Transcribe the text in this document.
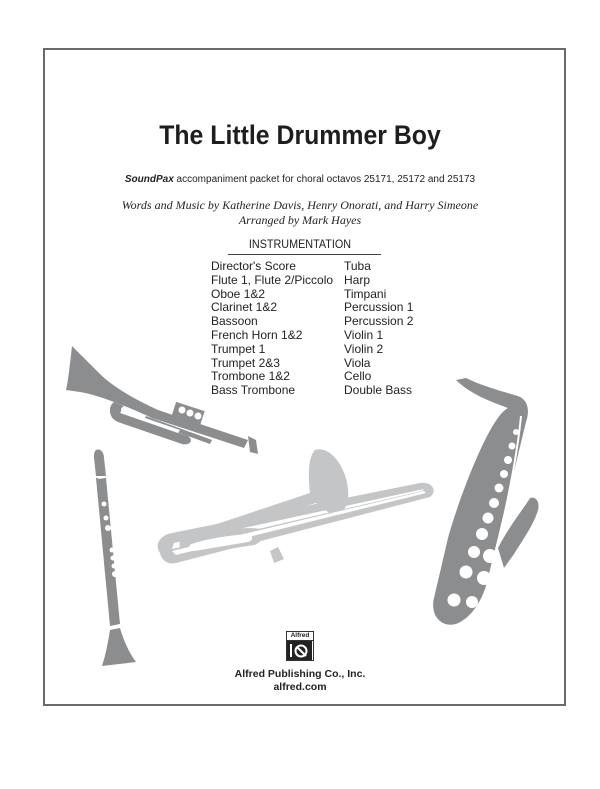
The Little Drummer Boy
SoundPax accompaniment packet for choral octavos 25171, 25172 and 25173
Words and Music by Katherine Davis, Henry Onorati, and Harry Simeone
Arranged by Mark Hayes
INSTRUMENTATION
Director's Score
Flute 1, Flute 2/Piccolo
Oboe 1&2
Clarinet 1&2
Bassoon
French Horn 1&2
Trumpet 1
Trumpet 2&3
Trombone 1&2
Bass Trombone
Tuba
Harp
Timpani
Percussion 1
Percussion 2
Violin 1
Violin 2
Viola
Cello
Double Bass
Alfred
Alfred Publishing Co., Inc.
alfred.com
